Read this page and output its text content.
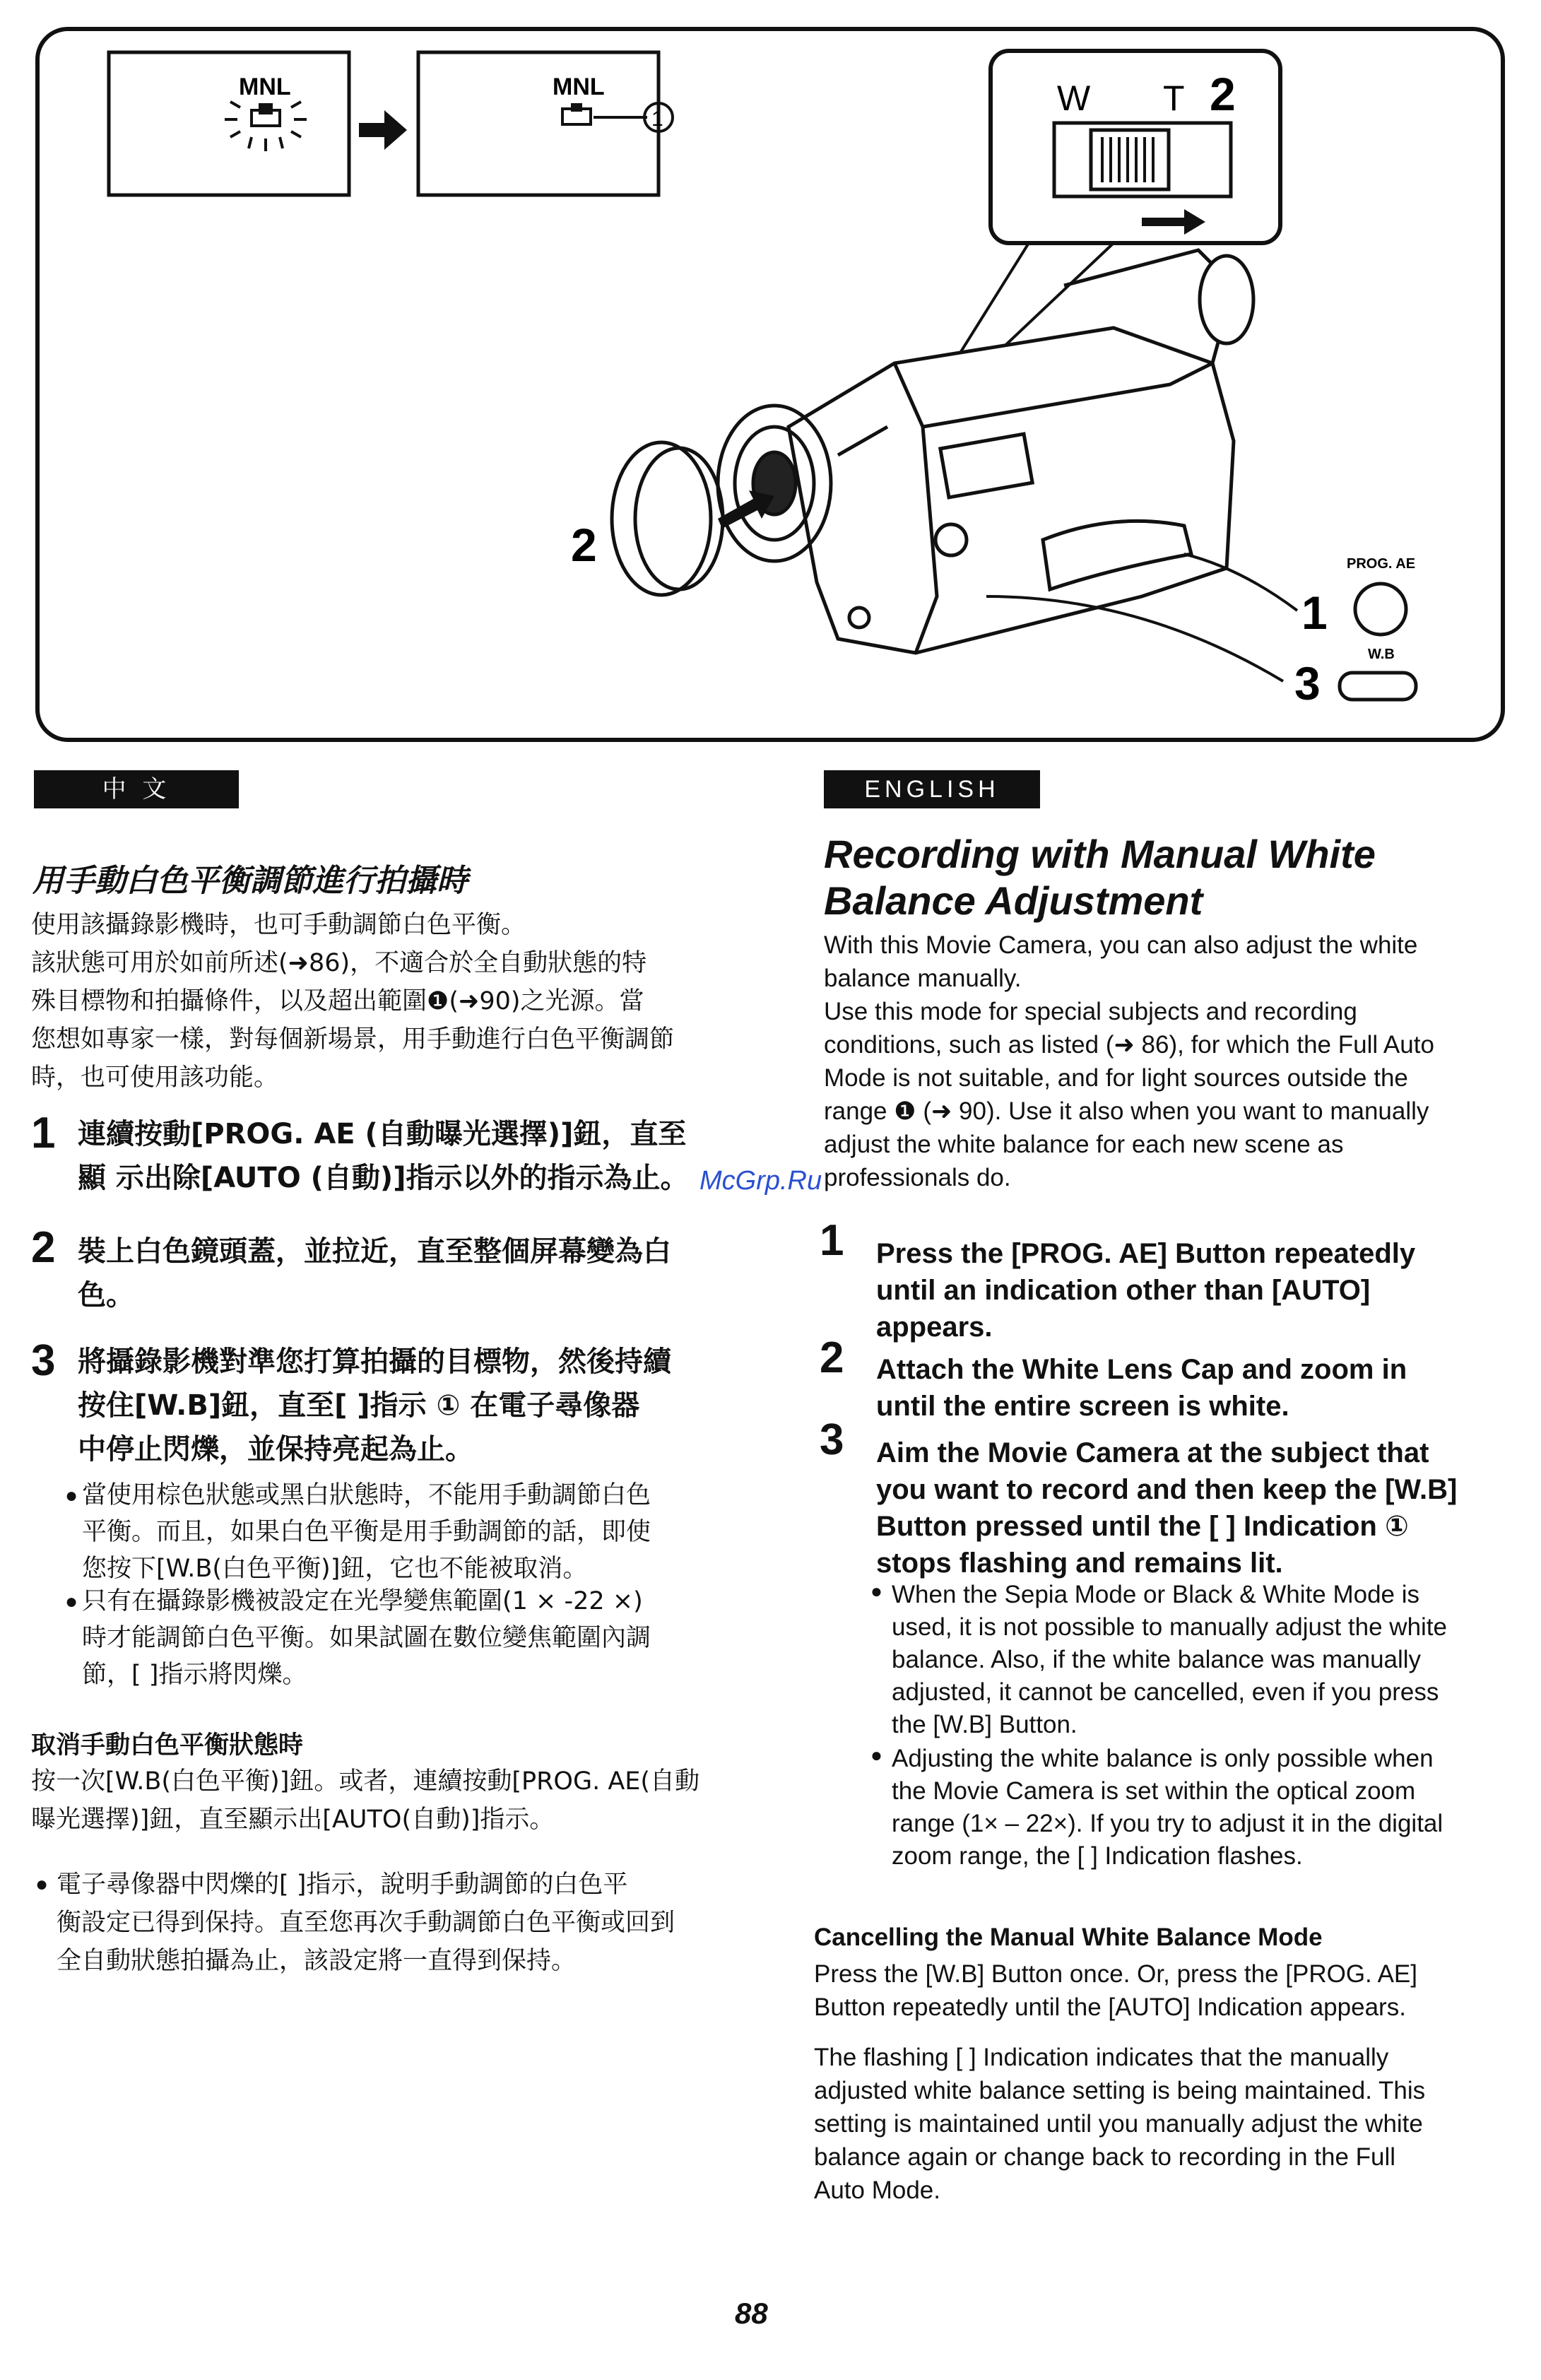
MNL	MNL
1
W T 2
2
1
PROG. AE
3
W.B
中 文
用手動白色平衡調節進行拍攝時
使用該攝錄影機時，也可手動調節白色平衡。
該狀態可用於如前所述(➜86)，不適合於全自動狀態的特
殊目標物和拍攝條件，以及超出範圍❶(➜90)之光源。當
您想如專家一樣，對每個新場景，用手動進行白色平衡調節
時，也可使用該功能。
1 連續按動[PROG. AE (自動曝光選擇)]鈕，直至
顯 示出除[AUTO (自動)]指示以外的指示為止。 McGrp.Ru
2 裝上白色鏡頭蓋，並拉近，直至整個屏幕變為白
色。
3 將攝錄影機對準您打算拍攝的目標物，然後持續
按住[W.B]鈕，直至[ ]指示 ① 在電子尋像器
中停止閃爍，並保持亮起為止。
當使用棕色狀態或黑白狀態時，不能用手動調節白色
平衡。而且，如果白色平衡是用手動調節的話，即使
您按下[W.B(白色平衡)]鈕，它也不能被取消。
●
只有在攝錄影機被設定在光學變焦範圍(1 × -22 ×)
時才能調節白色平衡。如果試圖在數位變焦範圍內調
節，[ ]指示將閃爍。
●
取消手動白色平衡狀態時
按一次[W.B(白色平衡)]鈕。或者，連續按動[PROG. AE(自動
曝光選擇)]鈕，直至顯示出[AUTO(自動)]指示。
● 電子尋像器中閃爍的[ ]指示，說明手動調節的白色平
衡設定已得到保持。直至您再次手動調節白色平衡或回到
全自動狀態拍攝為止，該設定將一直得到保持。
ENGLISH
Recording with Manual White
Balance Adjustment
With this Movie Camera, you can also adjust the white
balance manually.
Use this mode for special subjects and recording
conditions, such as listed (➜ 86), for which the Full Auto
Mode is not suitable, and for light sources outside the
range ❶ (➜ 90). Use it also when you want to manually
adjust the white balance for each new scene as
professionals do.
1 Press the [PROG. AE] Button repeatedly
until an indication other than [AUTO]
appears.
2 Attach the White Lens Cap and zoom in
until the entire screen is white.
3 Aim the Movie Camera at the subject that
you want to record and then keep the [W.B]
Button pressed until the [ ] Indication ①
stops flashing and remains lit.
● When the Sepia Mode or Black & White Mode is
used, it is not possible to manually adjust the white
balance. Also, if the white balance was manually
adjusted, it cannot be cancelled, even if you press
the [W.B] Button.
● Adjusting the white balance is only possible when
the Movie Camera is set within the optical zoom
range (1× – 22×). If you try to adjust it in the digital
zoom range, the [ ] Indication flashes.
Cancelling the Manual White Balance Mode
Press the [W.B] Button once. Or, press the [PROG. AE]
Button repeatedly until the [AUTO] Indication appears.
The flashing [ ] Indication indicates that the manually
adjusted white balance setting is being maintained. This
setting is maintained until you manually adjust the white
balance again or change back to recording in the Full
Auto Mode.
88
